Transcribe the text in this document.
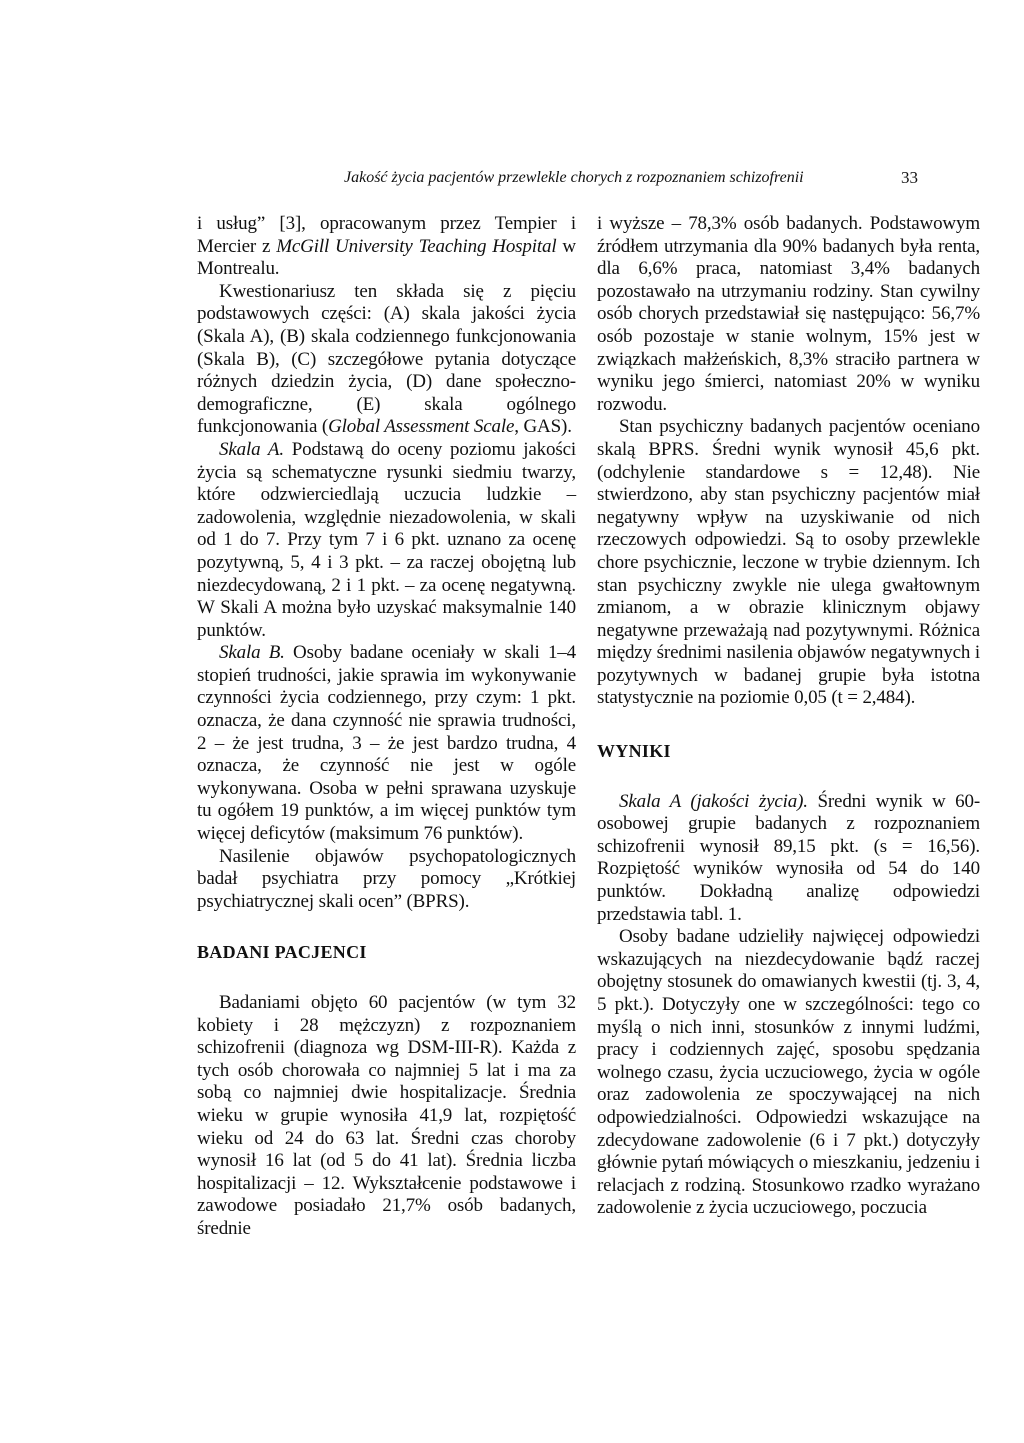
Jakość życia pacjentów przewlekle chorych z rozpoznaniem schizofrenii	33

i usług” [3], opracowanym przez Tempier i Mercier z McGill University Teaching Hospital w Montrealu.

Kwestionariusz ten składa się z pięciu podstawowych części: (A) skala jakości życia (Skala A), (B) skala codziennego funkcjonowania (Skala B), (C) szczegółowe pytania dotyczące różnych dziedzin życia, (D) dane społeczno-demograficzne, (E) skala ogólnego funkcjonowania (Global Assessment Scale, GAS).

Skala A. Podstawą do oceny poziomu jakości życia są schematyczne rysunki siedmiu twarzy, które odzwierciedlają uczucia ludzkie – zadowolenia, względnie niezadowolenia, w skali od 1 do 7. Przy tym 7 i 6 pkt. uznano za ocenę pozytywną, 5, 4 i 3 pkt. – za raczej obojętną lub niezdecydowaną, 2 i 1 pkt. – za ocenę negatywną. W Skali A można było uzyskać maksymalnie 140 punktów.

Skala B. Osoby badane oceniały w skali 1–4 stopień trudności, jakie sprawia im wykonywanie czynności życia codziennego, przy czym: 1 pkt. oznacza, że dana czynność nie sprawia trudności, 2 – że jest trudna, 3 – że jest bardzo trudna, 4 oznacza, że czynność nie jest w ogóle wykonywana. Osoba w pełni sprawana uzyskuje tu ogółem 19 punktów, a im więcej punktów tym więcej deficytów (maksimum 76 punktów).

Nasilenie objawów psychopatologicznych badał psychiatra przy pomocy „Krótkiej psychiatrycznej skali ocen” (BPRS).

BADANI PACJENCI

Badaniami objęto 60 pacjentów (w tym 32 kobiety i 28 mężczyzn) z rozpoznaniem schizofrenii (diagnoza wg DSM-III-R). Każda z tych osób chorowała co najmniej 5 lat i ma za sobą co najmniej dwie hospitalizacje. Średnia wieku w grupie wynosiła 41,9 lat, rozpiętość wieku od 24 do 63 lat. Średni czas choroby wynosił 16 lat (od 5 do 41 lat). Średnia liczba hospitalizacji – 12. Wykształcenie podstawowe i zawodowe posiadało 21,7% osób badanych, średnie

i wyższe – 78,3% osób badanych. Podstawowym źródłem utrzymania dla 90% badanych była renta, dla 6,6% praca, natomiast 3,4% badanych pozostawało na utrzymaniu rodziny. Stan cywilny osób chorych przedstawiał się następująco: 56,7% osób pozostaje w stanie wolnym, 15% jest w związkach małżeńskich, 8,3% straciło partnera w wyniku jego śmierci, natomiast 20% w wyniku rozwodu.

Stan psychiczny badanych pacjentów oceniano skalą BPRS. Średni wynik wynosił 45,6 pkt. (odchylenie standardowe s = 12,48). Nie stwierdzono, aby stan psychiczny pacjentów miał negatywny wpływ na uzyskiwanie od nich rzeczowych odpowiedzi. Są to osoby przewlekle chore psychicznie, leczone w trybie dziennym. Ich stan psychiczny zwykle nie ulega gwałtownym zmianom, a w obrazie klinicznym objawy negatywne przeważają nad pozytywnymi. Różnica między średnimi nasilenia objawów negatywnych i pozytywnych w badanej grupie była istotna statystycznie na poziomie 0,05 (t = 2,484).

WYNIKI

Skala A (jakości życia). Średni wynik w 60-osobowej grupie badanych z rozpoznaniem schizofrenii wynosił 89,15 pkt. (s = 16,56). Rozpiętość wyników wynosiła od 54 do 140 punktów. Dokładną analizę odpowiedzi przedstawia tabl. 1.

Osoby badane udzieliły najwięcej odpowiedzi wskazujących na niezdecydowanie bądź raczej obojętny stosunek do omawianych kwestii (tj. 3, 4, 5 pkt.). Dotyczyły one w szczególności: tego co myślą o nich inni, stosunków z innymi ludźmi, pracy i codziennych zajęć, sposobu spędzania wolnego czasu, życia uczuciowego, życia w ogóle oraz zadowolenia ze spoczywającej na nich odpowiedzialności. Odpowiedzi wskazujące na zdecydowane zadowolenie (6 i 7 pkt.) dotyczyły głównie pytań mówiących o mieszkaniu, jedzeniu i relacjach z rodziną. Stosunkowo rzadko wyrażano zadowolenie z życia uczuciowego, poczucia
